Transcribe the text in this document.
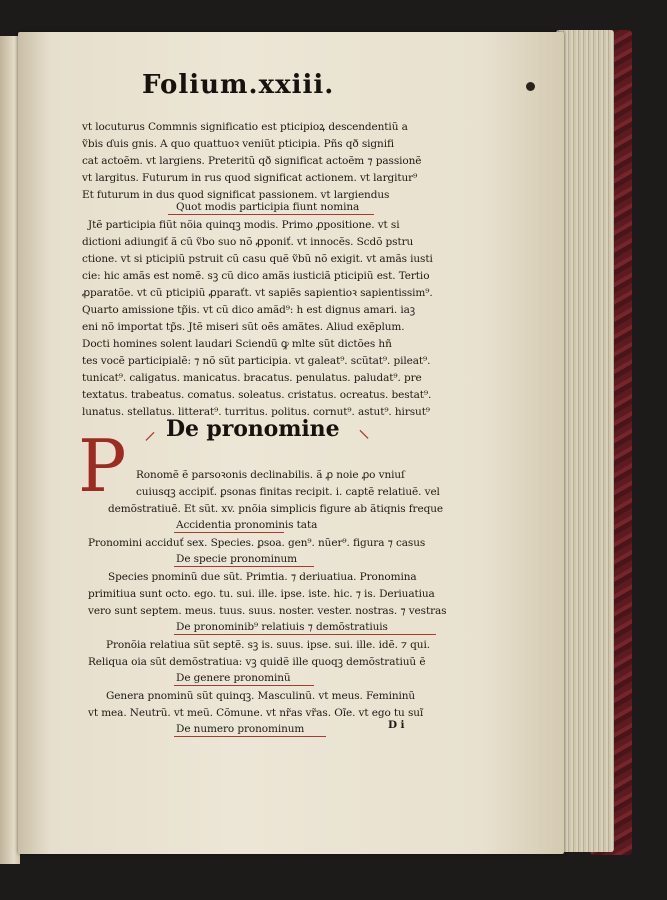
Folium.xxiii.
vt locuturus Commnis significatio est pticipioꝝ descendentiũ a
ṽbis ɗuis gnis. A quo quattuoꝛ veniũt pticipia. Pñs qð signifi
cat actoẽm. vt largiens. Preteritũ qð significat actoẽm ⁊ passionẽ
vt largitus. Futurum in rus quod significat actionem. vt largitur⁹
Et futurum in dus quod significat passionem. vt largiendus
Quot modis participia fiunt nomina
Jtẽ participia fiũt nõia quinqꝫ modis. Primo ꝓpositione. vt si
dictioni adiungiť ã cũ ṽbo suo nõ ꝓponiť. vt innocẽs. Scdõ pstru
ctione. vt si pticipiũ pstruit cũ casu quẽ ṽbũ nõ exigit. vt amãs iusti
cie: hic amãs est nomẽ. sꝫ cũ dico amãs iusticiã pticipiũ est. Tertio
ꝓparatõe. vt cũ pticipiũ ꝓparaťt. vt sapiẽs sapientioꝛ sapientissim⁹.
Quarto amissione tp̃is. vt cũ dico amãd⁹: h est dignus amari. iaꝫ
eni nõ importat tp̃s. Jtẽ miseri sũt oẽs amãtes. Aliud exẽplum.
Docti homines solent laudari Sciendũ ꝙ mlte sũt dictões hñ
tes vocẽ participialẽ: ⁊ nõ sũt participia. vt galeat⁹. scũtat⁹. pileat⁹.
tunicat⁹. caligatus. manicatus. bracatus. penulatus. paludat⁹. pre
textatus. trabeatus. comatus. soleatus. cristatus. ocreatus. bestat⁹.
lunatus. stellatus. litterat⁹. turritus. politus. cornut⁹. astut⁹. hirsut⁹
⸍ De pronomine ⸌
P Ronomẽ ẽ parsoꝛonis declinabilis. ã ꝓ noie ꝓo vniuſ
cuiusqꝫ accipiť. ꝑsonas finitas recipit. i. captẽ relatiuẽ. vel
demõstratiuẽ. Et sũt. xv. pnõia simplicis figure ab ãtiqnis freque
Accidentia pronominis tata
Pronomini acciduť sex. Species. ꝑsoa. gen⁹. nũer⁹. figura ⁊ casus
De specie pronominum
Species pnominũ due sũt. Primtia. ⁊ deriuatiua. Pronomina
primitiua sunt octo. ego. tu. sui. ille. ipse. iste. hic. ⁊ is. Deriuatiua
vero sunt septem. meus. tuus. suus. noster. vester. nostras. ⁊ vestras
De pronominib⁹ relatiuis ⁊ demõstratiuis
Pronõia relatiua sũt septẽ. sꝫ is. suus. ipse. sui. ille. idẽ. ⁊ qui.
Reliqua oia sũt demõstratiua: vꝫ quidẽ ille quoqꝫ demõstratiuũ ẽ
De genere pronominũ
Genera pnominũ sũt quinqꝫ. Masculinũ. vt meus. Femininũ
vt mea. Neutrũ. vt meũ. Cõmune. vt nr̃as vr̃as. Oĩe. vt ego tu suĩ
De numero pronominum	D i
